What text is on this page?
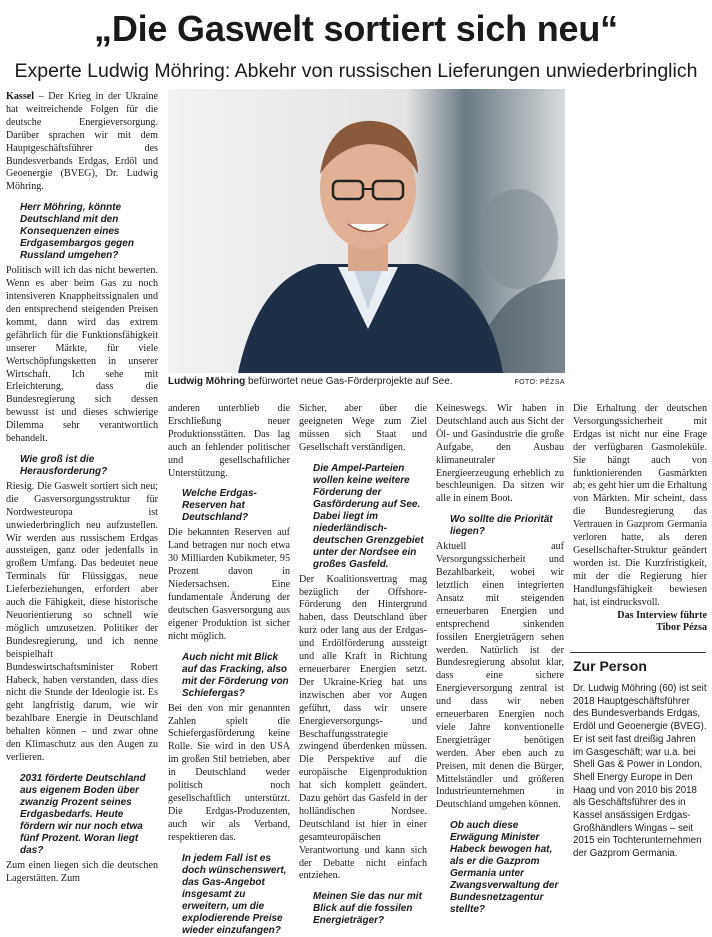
„Die Gaswelt sortiert sich neu“
Experte Ludwig Möhring: Abkehr von russischen Lieferungen unwiederbringlich

Kassel – Der Krieg in der Ukraine hat weitreichende Folgen für die deutsche Energieversorgung. Darüber sprachen wir mit dem Hauptgeschäftsführer des Bundesverbands Erdgas, Erdöl und Geoenergie (BVEG), Dr. Ludwig Möhring.

Herr Möhring, könnte Deutschland mit den Konsequenzen eines Erdgasembargos gegen Russland umgehen?

Politisch will ich das nicht bewerten. Wenn es aber beim Gas zu noch intensiveren Knappheitssignalen und den entsprechend steigenden Preisen kommt, dann wird das extrem gefährlich für die Funktionsfähigkeit unserer Märkte, für viele Wertschöpfungsketten in unserer Wirtschaft. Ich sehe mit Erleichterung, dass die Bundesregierung sich dessen bewusst ist und dieses schwierige Dilemma sehr verantwortlich behandelt.

Wie groß ist die Herausforderung?

Riesig. Die Gaswelt sortiert sich neu; die Gasversorgungsstruktur für Nordwesteuropa ist unwiederbringlich neu aufzustellen. Wir werden aus russischem Erdgas aussteigen, ganz oder jedenfalls in großem Umfang. Das bedeutet neue Terminals für Flüssiggas, neue Lieferbeziehungen, erfordert aber auch die Fähigkeit, diese historische Neuorientierung so schnell wie möglich umzusetzen. Politiker der Bundesregierung, und ich nenne beispielhaft Bundeswirtschaftsminister Robert Habeck, haben verstanden, dass dies nicht die Stunde der Ideologie ist. Es geht langfristig darum, wie wir bezahlbare Energie in Deutschland behalten können – und zwar ohne den Klimaschutz aus den Augen zu verlieren.

2031 förderte Deutschland aus eigenem Boden über zwanzig Prozent seines Erdgasbedarfs. Heute fördern wir nur noch etwa fünf Prozent. Woran liegt das?

Zum einen liegen sich die deutschen Lagerstätten. Zum

Ludwig Möhring befürwortet neue Gas-Förderprojekte auf See.	FOTO: PÉZSA

anderen unterblieb die Erschließung neuer Produktionsstätten. Das lag auch an fehlender politischer und gesellschaftlicher Unterstützung.

Welche Erdgas-Reserven hat Deutschland?

Die bekannten Reserven auf Land betragen nur noch etwa 30 Milliarden Kubikmeter, 95 Prozent davon in Niedersachsen. Eine fundamentale Änderung der deutschen Gasversorgung aus eigener Produktion ist sicher nicht möglich.

Auch nicht mit Blick auf das Fracking, also mit der Förderung von Schiefergas?

Bei den von mir genannten Zahlen spielt die Schiefergasförderung keine Rolle. Sie wird in den USA im großen Stil betrieben, aber in Deutschland weder politisch noch gesellschaftlich unterstützt. Die Erdgas-Produzenten, auch wir als Verband, respektieren das.

In jedem Fall ist es doch wünschenswert, das Gas-Angebot insgesamt zu erweitern, um die explodierende Preise wieder einzufangen?

Sicher, aber über die geeigneten Wege zum Ziel müssen sich Staat und Gesellschaft verständigen.

Die Ampel-Parteien wollen keine weitere Förderung der Gasförderung auf See. Dabei liegt im niederländisch-deutschen Grenzgebiet unter der Nordsee ein großes Gasfeld.

Der Koalitionsvertrag mag bezüglich der Offshore-Förderung den Hintergrund haben, dass Deutschland über kurz oder lang aus der Erdgas- und Erdölförderung aussteigt und alle Kraft in Richtung erneuerbarer Energien setzt. Der Ukraine-Krieg hat uns inzwischen aber vor Augen geführt, dass wir unsere Energieversorgungs- und Beschaffungsstrategie zwingend überdenken müssen. Die Perspektive auf die europäische Eigenproduktion hat sich komplett geändert. Dazu gehört das Gasfeld in der holländischen Nordsee. Deutschland ist hier in einer gesamteuropäischen Verantwortung und kann sich der Debatte nicht einfach entziehen.

Meinen Sie das nur mit Blick auf die fossilen Energieträger?

Keineswegs. Wir haben in Deutschland auch aus Sicht der Öl- und Gasindustrie die große Aufgabe, den Ausbau klimaneutraler Energieerzeugung erheblich zu beschleunigen. Da sitzen wir alle in einem Boot.

Wo sollte die Priorität liegen?

Aktuell auf Versorgungssicherheit und Bezahlbarkeit, wobei wir letztlich einen integrierten Ansatz mit steigenden erneuerbaren Energien und entsprechend sinkenden fossilen Energieträgern sehen werden. Natürlich ist der Bundesregierung absolut klar, dass eine sichere Energieversorgung zentral ist und dass wir neben erneuerbaren Energien noch viele Jahre konventionelle Energieträger benötigen werden. Aber eben auch zu Preisen, mit denen die Bürger, Mittelständler und größeren Industrieunternehmen in Deutschland umgehen können.

Ob auch diese Erwägung Minister Habeck bewogen hat, als er die Gazprom Germania unter Zwangsverwaltung der Bundesnetzagentur stellte?

Die Erhaltung der deutschen Versorgungssicherheit mit Erdgas ist nicht nur eine Frage der verfügbaren Gasmoleküle. Sie hängt auch von funktionierenden Gasmärkten ab; es geht hier um die Erhaltung von Märkten. Mir scheint, dass die Bundesregierung das Vertrauen in Gazprom Germania verloren hatte, als deren Gesellschafter-Struktur geändert worden ist. Die Kurzfristigkeit, mit der die Regierung hier Handlungsfähigkeit bewiesen hat, ist eindrucksvoll.

Das Interview führte

Tibor Pézsa

Zur Person
Dr. Ludwig Möhring (60) ist seit 2018 Hauptgeschäftsführer des Bundesverbands Erdgas, Erdöl und Geoenergie (BVEG). Er ist seit fast dreißig Jahren im Gasgeschäft; war u.a. bei Shell Gas & Power in London, Shell Energy Europe in Den Haag und von 2010 bis 2018 als Geschäftsführer des in Kassel ansässigen Erdgas-Großhändlers Wingas – seit 2015 ein Tochterunternehmen der Gazprom Germania.
